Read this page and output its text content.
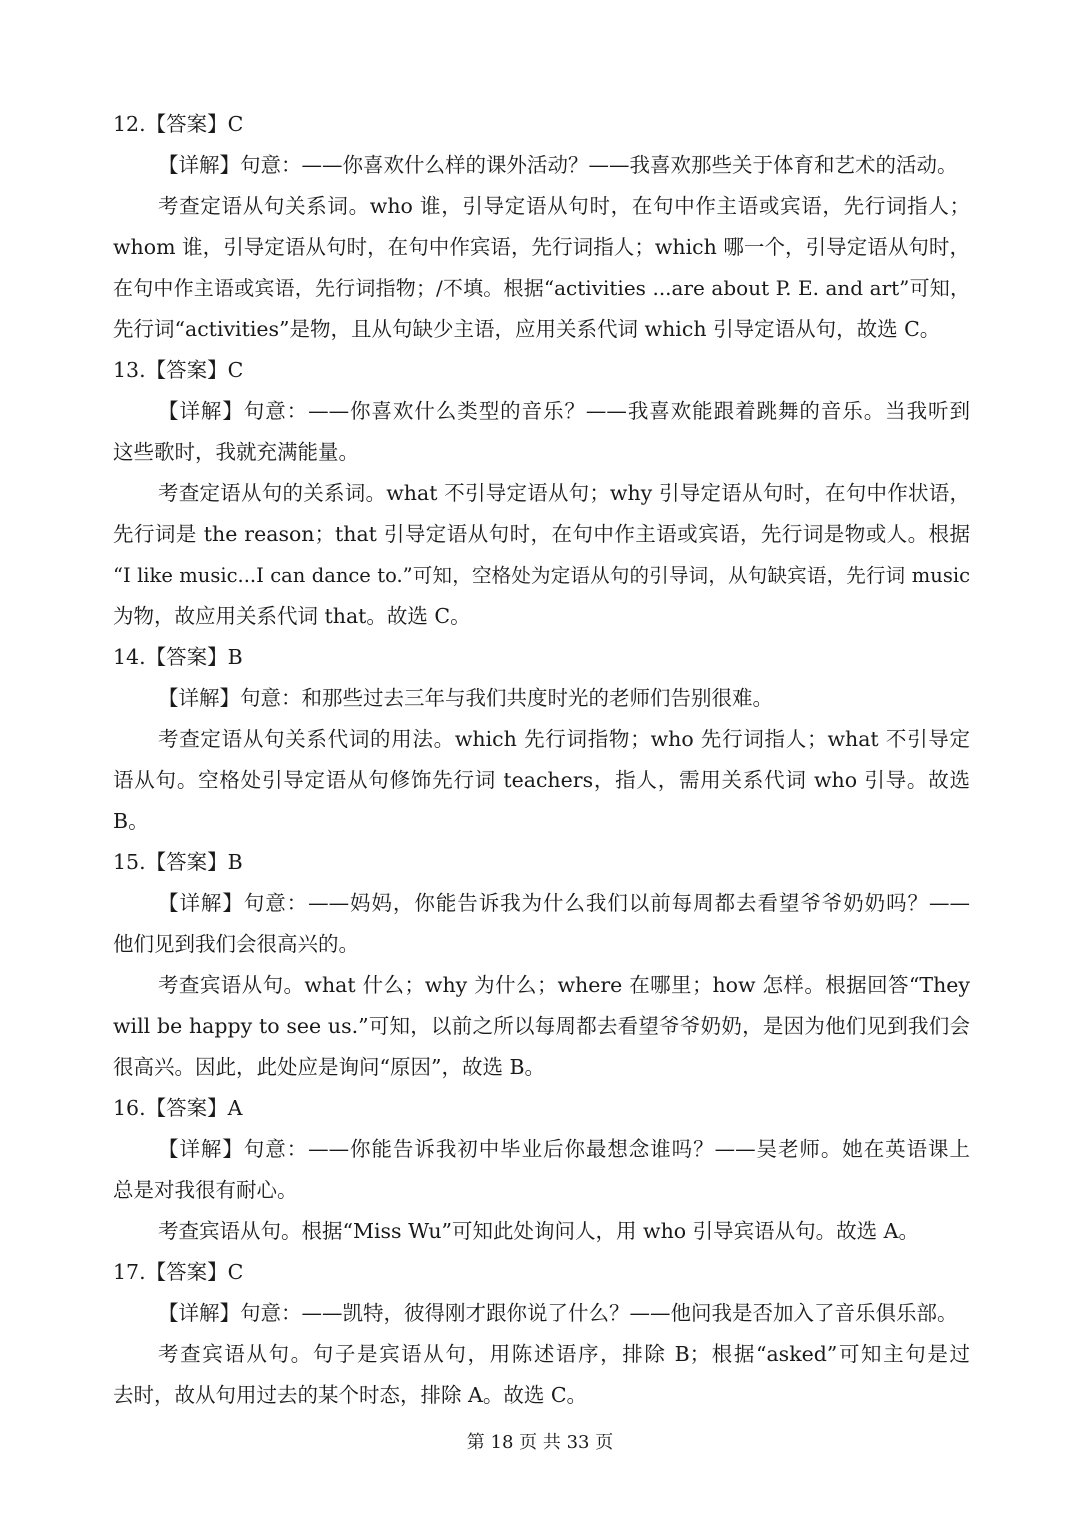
12.【答案】C
【详解】句意：——你喜欢什么样的课外活动？——我喜欢那些关于体育和艺术的活动。
考查定语从句关系词。who 谁，引导定语从句时，在句中作主语或宾语，先行词指人；
whom 谁，引导定语从句时，在句中作宾语，先行词指人；which 哪一个，引导定语从句时，
在句中作主语或宾语，先行词指物；/不填。根据“activities ...are about P. E. and art”可知，
先行词“activities”是物，且从句缺少主语，应用关系代词 which 引导定语从句，故选 C。
13.【答案】C
【详解】句意：——你喜欢什么类型的音乐？——我喜欢能跟着跳舞的音乐。当我听到
这些歌时，我就充满能量。
考查定语从句的关系词。what 不引导定语从句；why 引导定语从句时，在句中作状语，
先行词是 the reason；that 引导定语从句时，在句中作主语或宾语，先行词是物或人。根据
“I like music...I can dance to.”可知，空格处为定语从句的引导词，从句缺宾语，先行词 music
为物，故应用关系代词 that。故选 C。
14.【答案】B
【详解】句意：和那些过去三年与我们共度时光的老师们告别很难。
考查定语从句关系代词的用法。which 先行词指物；who 先行词指人；what 不引导定
语从句。空格处引导定语从句修饰先行词 teachers，指人，需用关系代词 who 引导。故选
B。
15.【答案】B
【详解】句意：——妈妈，你能告诉我为什么我们以前每周都去看望爷爷奶奶吗？——
他们见到我们会很高兴的。
考查宾语从句。what 什么；why 为什么；where 在哪里；how 怎样。根据回答“They
will be happy to see us.”可知，以前之所以每周都去看望爷爷奶奶，是因为他们见到我们会
很高兴。因此，此处应是询问“原因”，故选 B。
16.【答案】A
【详解】句意：——你能告诉我初中毕业后你最想念谁吗？——吴老师。她在英语课上
总是对我很有耐心。
考查宾语从句。根据“Miss Wu”可知此处询问人，用 who 引导宾语从句。故选 A。
17.【答案】C
【详解】句意：——凯特，彼得刚才跟你说了什么？——他问我是否加入了音乐俱乐部。
考查宾语从句。句子是宾语从句，用陈述语序，排除 B；根据“asked”可知主句是过
去时，故从句用过去的某个时态，排除 A。故选 C。
第 18 页 共 33 页
